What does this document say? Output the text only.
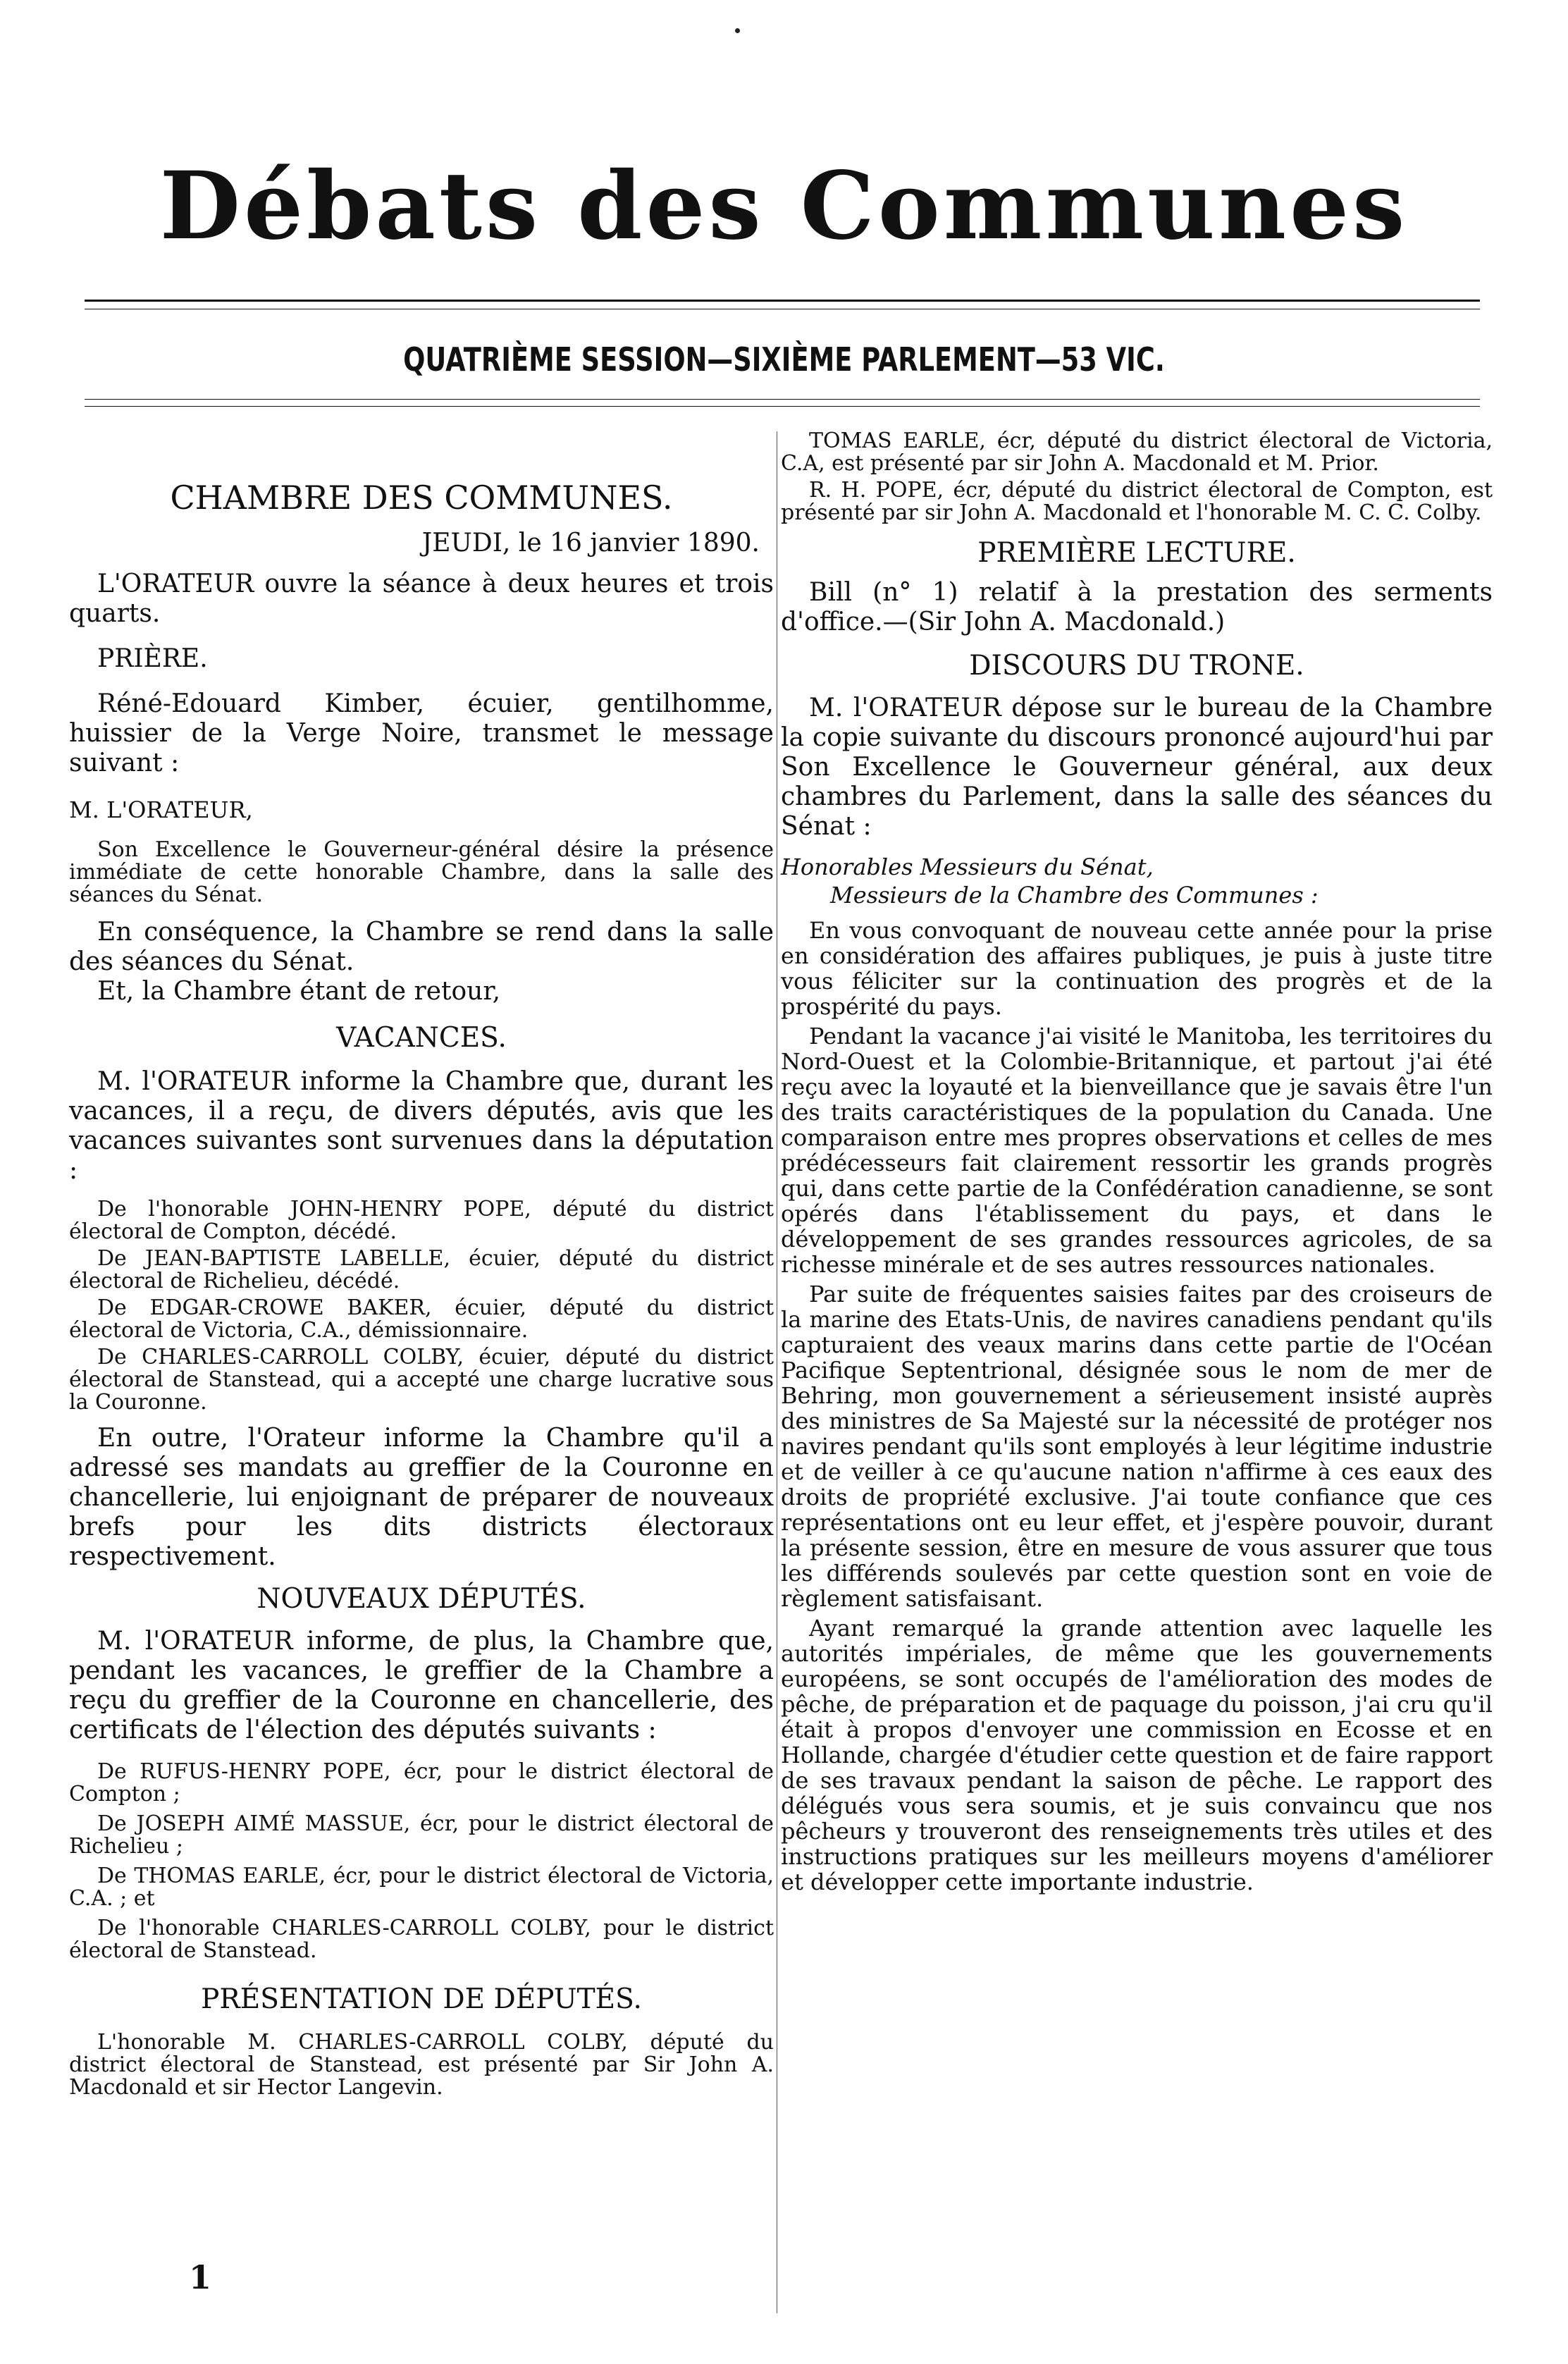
Débats des Communes
QUATRIÈME SESSION—SIXIÈME PARLEMENT—53 VIC.

CHAMBRE DES COMMUNES.

JEUDI, le 16 janvier 1890.

L'ORATEUR ouvre la séance à deux heures et trois quarts.

PRIÈRE.

Réné-Edouard Kimber, écuier, gentilhomme, huissier de la Verge Noire, transmet le message suivant :

M. L'ORATEUR,

Son Excellence le Gouverneur-général désire la présence immédiate de cette honorable Chambre, dans la salle des séances du Sénat.

En conséquence, la Chambre se rend dans la salle des séances du Sénat.

Et, la Chambre étant de retour,

VACANCES.

M. l'ORATEUR informe la Chambre que, durant les vacances, il a reçu, de divers députés, avis que les vacances suivantes sont survenues dans la députation :

De l'honorable JOHN-HENRY POPE, député du district électoral de Compton, décédé.

De JEAN-BAPTISTE LABELLE, écuier, député du district électoral de Richelieu, décédé.

De EDGAR-CROWE BAKER, écuier, député du district électoral de Victoria, C.A., démissionnaire.

De CHARLES-CARROLL COLBY, écuier, député du district électoral de Stanstead, qui a accepté une charge lucrative sous la Couronne.

En outre, l'Orateur informe la Chambre qu'il a adressé ses mandats au greffier de la Couronne en chancellerie, lui enjoignant de préparer de nouveaux brefs pour les dits districts électoraux respectivement.

NOUVEAUX DÉPUTÉS.

M. l'ORATEUR informe, de plus, la Chambre que, pendant les vacances, le greffier de la Chambre a reçu du greffier de la Couronne en chancellerie, des certificats de l'élection des députés suivants :

De RUFUS-HENRY POPE, écr, pour le district électoral de Compton ;

De JOSEPH AIMÉ MASSUE, écr, pour le district électoral de Richelieu ;

De THOMAS EARLE, écr, pour le district électoral de Victoria, C.A. ; et

De l'honorable CHARLES-CARROLL COLBY, pour le district électoral de Stanstead.

PRÉSENTATION DE DÉPUTÉS.

L'honorable M. CHARLES-CARROLL COLBY, député du district électoral de Stanstead, est présenté par Sir John A. Macdonald et sir Hector Langevin.

TOMAS EARLE, écr, député du district électoral de Victoria, C.A, est présenté par sir John A. Macdonald et M. Prior.

R. H. POPE, écr, député du district électoral de Compton, est présenté par sir John A. Macdonald et l'honorable M. C. C. Colby.

PREMIÈRE LECTURE.

Bill (n° 1) relatif à la prestation des serments d'office.—(Sir John A. Macdonald.)

DISCOURS DU TRONE.

M. l'ORATEUR dépose sur le bureau de la Chambre la copie suivante du discours prononcé aujourd'hui par Son Excellence le Gouverneur général, aux deux chambres du Parlement, dans la salle des séances du Sénat :

Honorables Messieurs du Sénat,

Messieurs de la Chambre des Communes :

En vous convoquant de nouveau cette année pour la prise en considération des affaires publiques, je puis à juste titre vous féliciter sur la continuation des progrès et de la prospérité du pays.

Pendant la vacance j'ai visité le Manitoba, les territoires du Nord-Ouest et la Colombie-Britannique, et partout j'ai été reçu avec la loyauté et la bienveillance que je savais être l'un des traits caractéristiques de la population du Canada. Une comparaison entre mes propres observations et celles de mes prédécesseurs fait clairement ressortir les grands progrès qui, dans cette partie de la Confédération canadienne, se sont opérés dans l'établissement du pays, et dans le développement de ses grandes ressources agricoles, de sa richesse minérale et de ses autres ressources nationales.

Par suite de fréquentes saisies faites par des croiseurs de la marine des Etats-Unis, de navires canadiens pendant qu'ils capturaient des veaux marins dans cette partie de l'Océan Pacifique Septentrional, désignée sous le nom de mer de Behring, mon gouvernement a sérieusement insisté auprès des ministres de Sa Majesté sur la nécessité de protéger nos navires pendant qu'ils sont employés à leur légitime industrie et de veiller à ce qu'aucune nation n'affirme à ces eaux des droits de propriété exclusive. J'ai toute confiance que ces représentations ont eu leur effet, et j'espère pouvoir, durant la présente session, être en mesure de vous assurer que tous les différends soulevés par cette question sont en voie de règlement satisfaisant.

Ayant remarqué la grande attention avec laquelle les autorités impériales, de même que les gouvernements européens, se sont occupés de l'amélioration des modes de pêche, de préparation et de paquage du poisson, j'ai cru qu'il était à propos d'envoyer une commission en Ecosse et en Hollande, chargée d'étudier cette question et de faire rapport de ses travaux pendant la saison de pêche. Le rapport des délégués vous sera soumis, et je suis convaincu que nos pêcheurs y trouveront des renseignements très utiles et des instructions pratiques sur les meilleurs moyens d'améliorer et développer cette importante industrie.

1
